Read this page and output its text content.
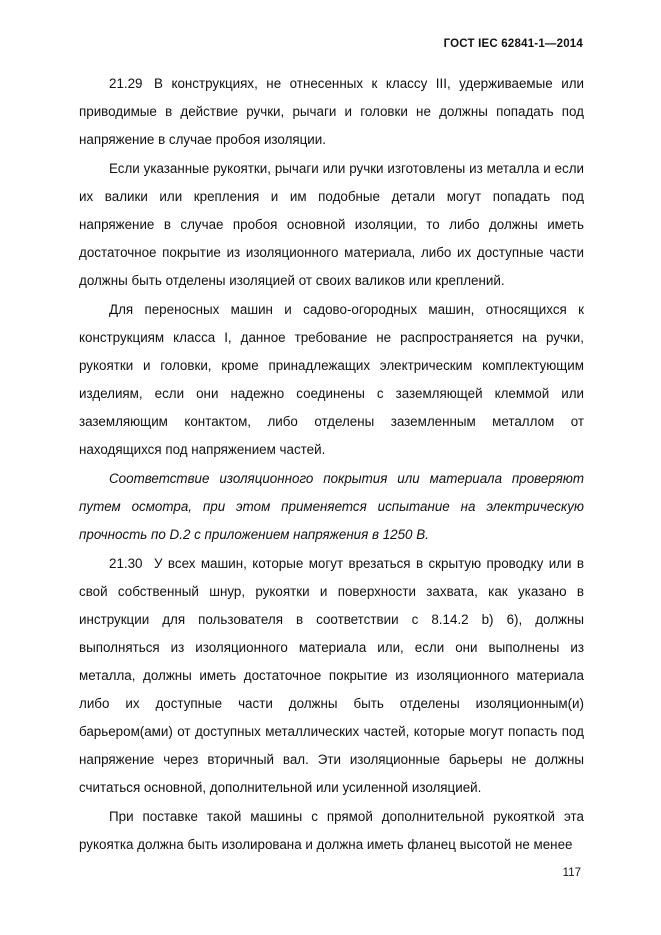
ГОСТ IEC 62841-1—2014

21.29 В конструкциях, не отнесенных к классу III, удерживаемые или приводимые в действие ручки, рычаги и головки не должны попадать под напряжение в случае пробоя изоляции.

Если указанные рукоятки, рычаги или ручки изготовлены из металла и если их валики или крепления и им подобные детали могут попадать под напряжение в случае пробоя основной изоляции, то либо должны иметь достаточное покрытие из изоляционного материала, либо их доступные части должны быть отделены изоляцией от своих валиков или креплений.

Для переносных машин и садово-огородных машин, относящихся к конструкциям класса I, данное требование не распространяется на ручки, рукоятки и головки, кроме принадлежащих электрическим комплектующим изделиям, если они надежно соединены с заземляющей клеммой или заземляющим контактом, либо отделены заземленным металлом от находящихся под напряжением частей.

Соответствие изоляционного покрытия или материала проверяют путем осмотра, при этом применяется испытание на электрическую прочность по D.2 с приложением напряжения в 1250 В.

21.30 У всех машин, которые могут врезаться в скрытую проводку или в свой собственный шнур, рукоятки и поверхности захвата, как указано в инструкции для пользователя в соответствии с 8.14.2 b) 6), должны выполняться из изоляционного материала или, если они выполнены из металла, должны иметь достаточное покрытие из изоляционного материала либо их доступные части должны быть отделены изоляционным(и) барьером(ами) от доступных металлических частей, которые могут попасть под напряжение через вторичный вал. Эти изоляционные барьеры не должны считаться основной, дополнительной или усиленной изоляцией.

При поставке такой машины с прямой дополнительной рукояткой эта рукоятка должна быть изолирована и должна иметь фланец высотой не менее

117
